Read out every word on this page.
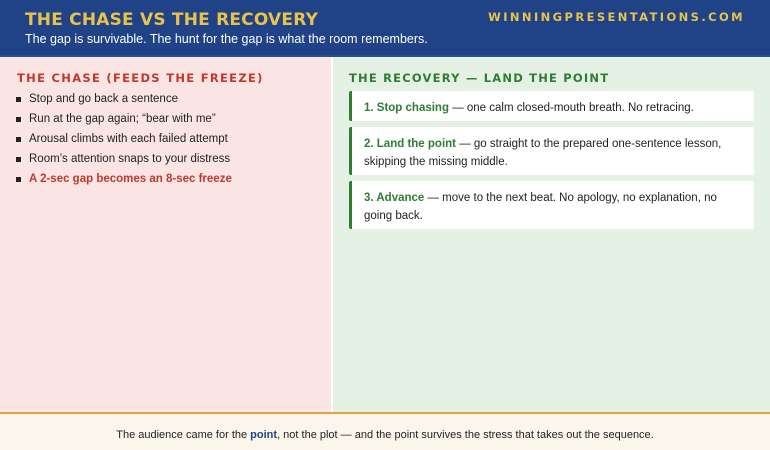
THE CHASE VS THE RECOVERY
The gap is survivable. The hunt for the gap is what the room remembers.
WINNINGPRESENTATIONS.COM
THE CHASE (FEEDS THE FREEZE)
Stop and go back a sentence
Run at the gap again; “bear with me”
Arousal climbs with each failed attempt
Room’s attention snaps to your distress
A 2-sec gap becomes an 8-sec freeze
THE RECOVERY — LAND THE POINT
1. Stop chasing — one calm closed-mouth breath. No retracing.
2. Land the point — go straight to the prepared one-sentence lesson, skipping the missing middle.
3. Advance — move to the next beat. No apology, no explanation, no going back.
The audience came for the point, not the plot — and the point survives the stress that takes out the sequence.
